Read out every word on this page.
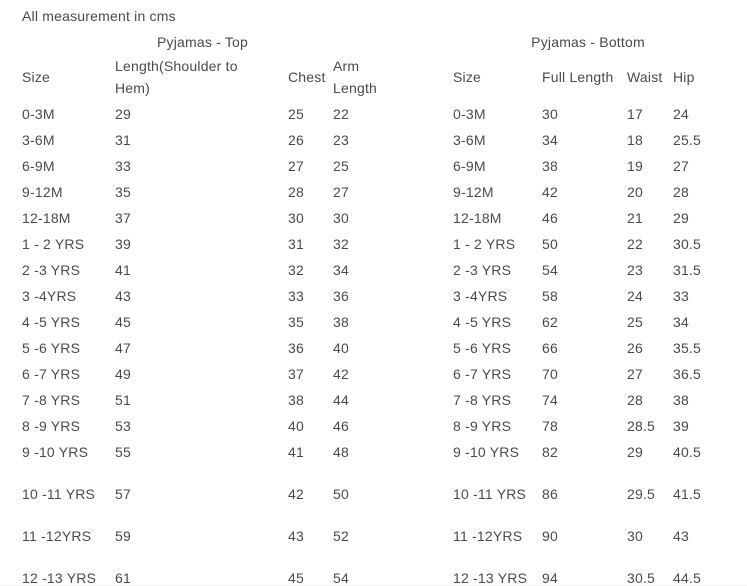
All measurement in cms
Pyjamas - Top
Size	Length(Shoulder to Hem)	Chest	Arm Length

0-3M	29	25	22
3-6M	31	26	23
6-9M	33	27	25
9-12M	35	28	27
12-18M	37	30	30
1 - 2 YRS	39	31	32
2 -3 YRS	41	32	34
3 -4YRS	43	33	36
4 -5 YRS	45	35	38
5 -6 YRS	47	36	40
6 -7 YRS	49	37	42
7 -8 YRS	51	38	44
8 -9 YRS	53	40	46
9 -10 YRS	55	41	48
10 -11 YRS	57	42	50
11 -12YRS	59	43	52
12 -13 YRS	61	45	54
Pyjamas - Bottom
Size	Full Length	Waist	Hip
0-3M	30	17	24
3-6M	34	18	25.5
6-9M	38	19	27
9-12M	42	20	28
12-18M	46	21	29
1 - 2 YRS	50	22	30.5
2 -3 YRS	54	23	31.5
3 -4YRS	58	24	33
4 -5 YRS	62	25	34
5 -6 YRS	66	26	35.5
6 -7 YRS	70	27	36.5
7 -8 YRS	74	28	38
8 -9 YRS	78	28.5	39
9 -10 YRS	82	29	40.5
10 -11 YRS	86	29.5	41.5
11 -12YRS	90	30	43
12 -13 YRS	94	30.5	44.5
